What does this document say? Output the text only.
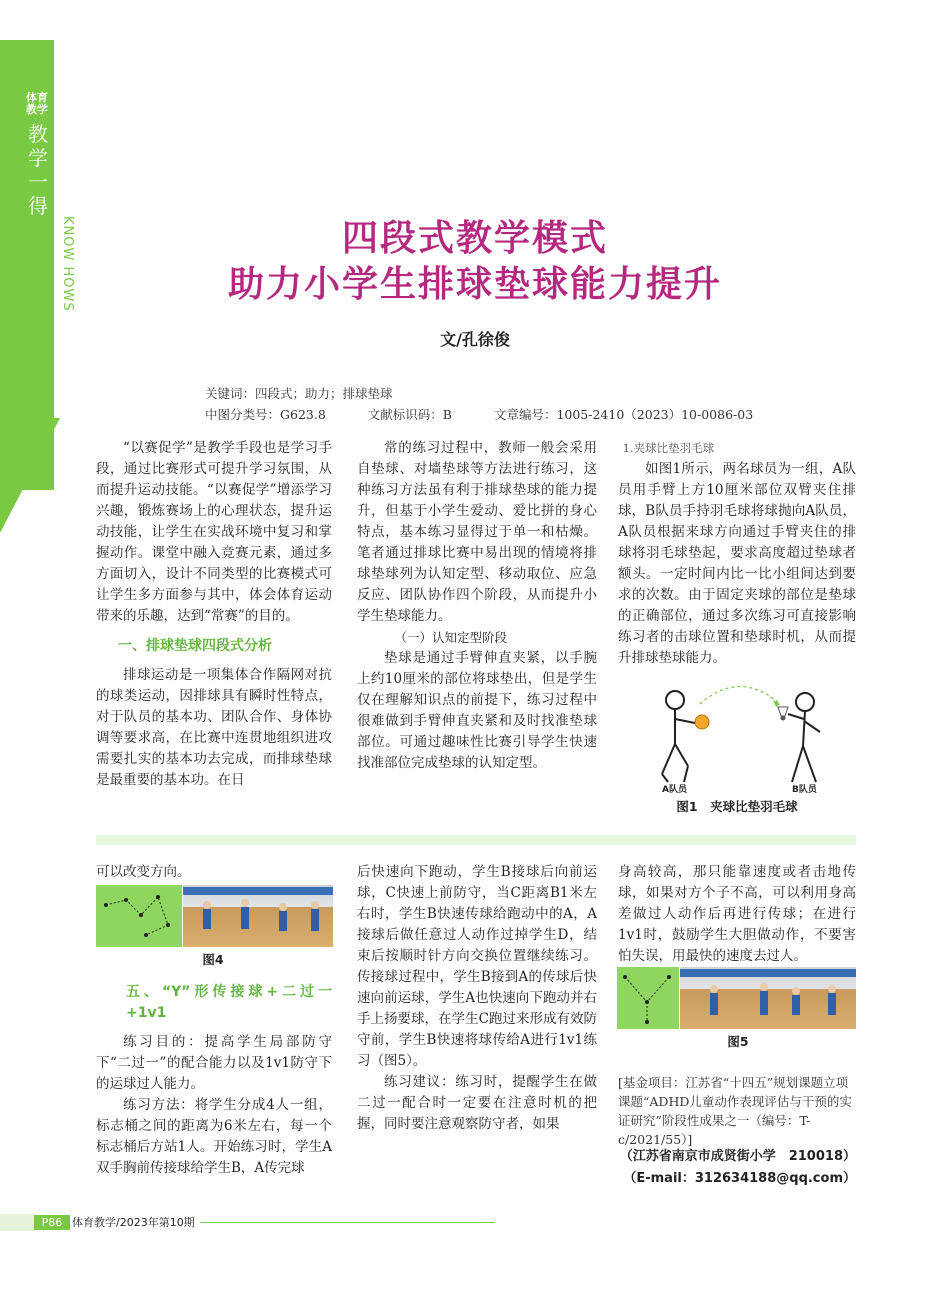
体育教学
教学一得
KNOW HOWS	四段式教学模式
助力小学生排球垫球能力提升
文/孔徐俊
关键词：四段式；助力；排球垫球
中图分类号：G623.8	文献标识码：B	文章编号：1005-2410（2023）10-0086-03

“以赛促学”是教学手段也是学习手段，通过比赛形式可提升学习氛围，从而提升运动技能。“以赛促学”增添学习兴趣，锻炼赛场上的心理状态，提升运动技能，让学生在实战环境中复习和掌握动作。课堂中融入竞赛元素，通过多方面切入，设计不同类型的比赛模式可让学生多方面参与其中，体会体育运动带来的乐趣，达到“常赛”的目的。

一、排球垫球四段式分析

排球运动是一项集体合作隔网对抗的球类运动，因排球具有瞬时性特点，对于队员的基本功、团队合作、身体协调等要求高，在比赛中连贯地组织进攻需要扎实的基本功去完成，而排球垫球是最重要的基本功。在日

常的练习过程中，教师一般会采用自垫球、对墙垫球等方法进行练习，这种练习方法虽有利于排球垫球的能力提升，但基于小学生爱动、爱比拼的身心特点，基本练习显得过于单一和枯燥。笔者通过排球比赛中易出现的情境将排球垫球列为认知定型、移动取位、应急反应、团队协作四个阶段，从而提升小学生垫球能力。

（一）认知定型阶段

垫球是通过手臂伸直夹紧，以手腕上约10厘米的部位将球垫出，但是学生仅在理解知识点的前提下，练习过程中很难做到手臂伸直夹紧和及时找准垫球部位。可通过趣味性比赛引导学生快速找准部位完成垫球的认知定型。

1.夹球比垫羽毛球

如图1所示，两名球员为一组，A队员用手臂上方10厘米部位双臂夹住排球，B队员手持羽毛球将球抛向A队员，A队员根据来球方向通过手臂夹住的排球将羽毛球垫起，要求高度超过垫球者额头。一定时间内比一比小组间达到要求的次数。由于固定夹球的部位是垫球的正确部位，通过多次练习可直接影响练习者的击球位置和垫球时机，从而提升排球垫球能力。

A队员	B队员
图1　夹球比垫羽毛球

可以改变方向。

图4

五、“Y”形传接球+二过一+1v1

练习目的：提高学生局部防守下“二过一”的配合能力以及1v1防守下的运球过人能力。

练习方法：将学生分成4人一组，标志桶之间的距离为6米左右，每一个标志桶后方站1人。开始练习时，学生A双手胸前传接球给学生B，A传完球

后快速向下跑动，学生B接球后向前运球，C快速上前防守，当C距离B1米左右时，学生B快速传球给跑动中的A，A接球后做任意过人动作过掉学生D，结束后按顺时针方向交换位置继续练习。传接球过程中，学生B接到A的传球后快速向前运球，学生A也快速向下跑动并右手上扬要球，在学生C跑过来形成有效防守前，学生B快速将球传给A进行1v1练习（图5）。

练习建议：练习时，提醒学生在做二过一配合时一定要在注意时机的把握，同时要注意观察防守者，如果

身高较高，那只能靠速度或者击地传球，如果对方个子不高，可以利用身高差做过人动作后再进行传球；在进行1v1时，鼓励学生大胆做动作，不要害怕失误，用最快的速度去过人。

图5
[基金项目：江苏省“十四五”规划课题立项课题“ADHD儿童动作表现评估与干预的实证研究”阶段性成果之一（编号：T-c/2021/55）]
（江苏省南京市成贤街小学　210018）
（E-mail：312634188@qq.com）
P86 体育教学/2023年第10期
